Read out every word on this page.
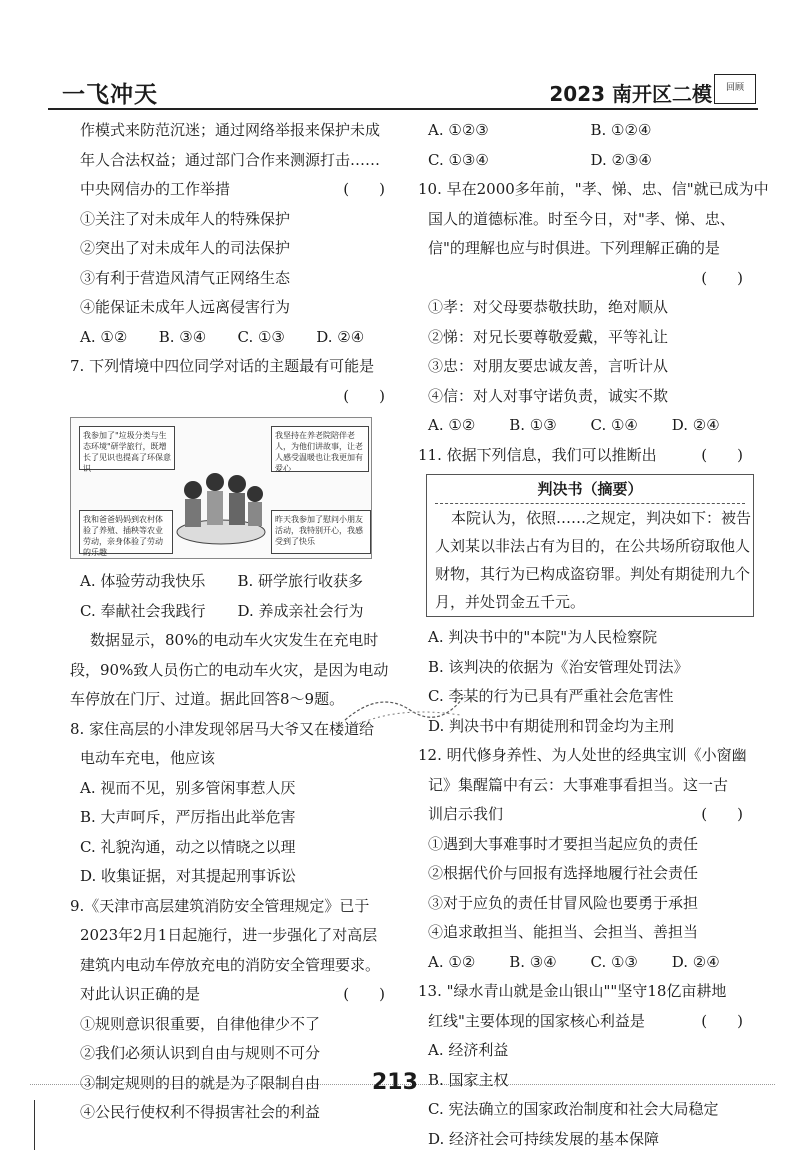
一飞冲天	2023 南开区二模	回顾
作模式来防范沉迷；通过网络举报来保护未成
年人合法权益；通过部门合作来测源打击……
中央网信办的工作举措	(　　)
①关注了对未成年人的特殊保护
②突出了对未成年人的司法保护
③有利于营造风清气正网络生态
④能保证未成年人远离侵害行为
A. ①②	B. ③④	C. ①③	D. ②④
7. 下列情境中四位同学对话的主题最有可能是
(　　)
我参加了"垃圾分类与生态环境"研学旅行，既增长了见识也提高了环保意识
我坚持在养老院陪伴老人，为他们讲故事，让老人感受温暖也让我更加有爱心
我和爸爸妈妈到农村体验了养殖、插秧等农业劳动，亲身体验了劳动的乐趣
昨天我参加了慰问小朋友活动，我特别开心，我感受到了快乐
A. 体验劳动我快乐	B. 研学旅行收获多
C. 奉献社会我践行	D. 养成亲社会行为
数据显示，80%的电动车火灾发生在充电时
段，90%致人员伤亡的电动车火灾，是因为电动
车停放在门厅、过道。据此回答8～9题。
8. 家住高层的小津发现邻居马大爷又在楼道给
电动车充电，他应该
A. 视而不见，别多管闲事惹人厌
B. 大声呵斥，严厉指出此举危害
C. 礼貌沟通，动之以情晓之以理
D. 收集证据，对其提起刑事诉讼
9.《天津市高层建筑消防安全管理规定》已于
2023年2月1日起施行，进一步强化了对高层
建筑内电动车停放充电的消防安全管理要求。
对此认识正确的是	(　　)
①规则意识很重要，自律他律少不了
②我们必须认识到自由与规则不可分
③制定规则的目的就是为了限制自由
④公民行使权利不得损害社会的利益
A. ①②③	B. ①②④
C. ①③④	D. ②③④
10. 早在2000多年前，"孝、悌、忠、信"就已成为中
国人的道德标准。时至今日，对"孝、悌、忠、
信"的理解也应与时俱进。下列理解正确的是
(　　)
①孝：对父母要恭敬扶助，绝对顺从
②悌：对兄长要尊敬爱戴，平等礼让
③忠：对朋友要忠诚友善，言听计从
④信：对人对事守诺负责，诚实不欺
A. ①②	B. ①③	C. ①④	D. ②④
11. 依据下列信息，我们可以推断出	(　　)
判决书（摘要）
本院认为，依照……之规定，判决如下：被告
人刘某以非法占有为目的，在公共场所窃取他人
财物，其行为已构成盗窃罪。判处有期徒刑九个
月，并处罚金五千元。
A. 判决书中的"本院"为人民检察院
B. 该判决的依据为《治安管理处罚法》
C. 李某的行为已具有严重社会危害性
D. 判决书中有期徒刑和罚金均为主刑
12. 明代修身养性、为人处世的经典宝训《小窗幽
记》集醒篇中有云：大事难事看担当。这一古
训启示我们	(　　)
①遇到大事难事时才要担当起应负的责任
②根据代价与回报有选择地履行社会责任
③对于应负的责任甘冒风险也要勇于承担
④追求敢担当、能担当、会担当、善担当
A. ①②	B. ③④	C. ①③	D. ②④
13. "绿水青山就是金山银山""坚守18亿亩耕地
红线"主要体现的国家核心利益是	(　　)
A. 经济利益
B. 国家主权
C. 宪法确立的国家政治制度和社会大局稳定
D. 经济社会可持续发展的基本保障
213
